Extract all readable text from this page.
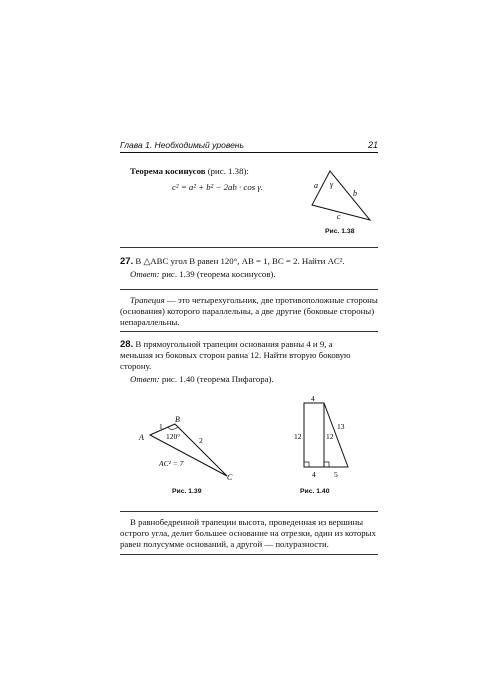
Глава 1. Необходимый уровень	21
Теорема косинусов (рис. 1.38):
c² = a² + b² − 2ab · cos γ.	γ
a
b
c
Рис. 1.38
27. В △ABC угол B равен 120°, AB = 1, BC = 2. Найти AC².
Ответ: рис. 1.39 (теорема косинусов).
Трапеция — это четырехугольник, две противоположные стороны
(основания) которого параллельны, а две другие (боковые стороны)
непараллельны.
28. В прямоугольной трапеции основания равны 4 и 9, а
меньшая из боковых сторон равна 12. Найти вторую боковую
сторону.
Ответ: рис. 1.40 (теорема Пифагора).
A
B
C
1
2
120°
AC² = 7
Рис. 1.39
4
12	12
13
4 5
Рис. 1.40
В равнобедренной трапеции высота, проведенная из вершины
острого угла, делит большее основание на отрезки, один из которых
равен полусумме оснований, а другой — полуразности.
